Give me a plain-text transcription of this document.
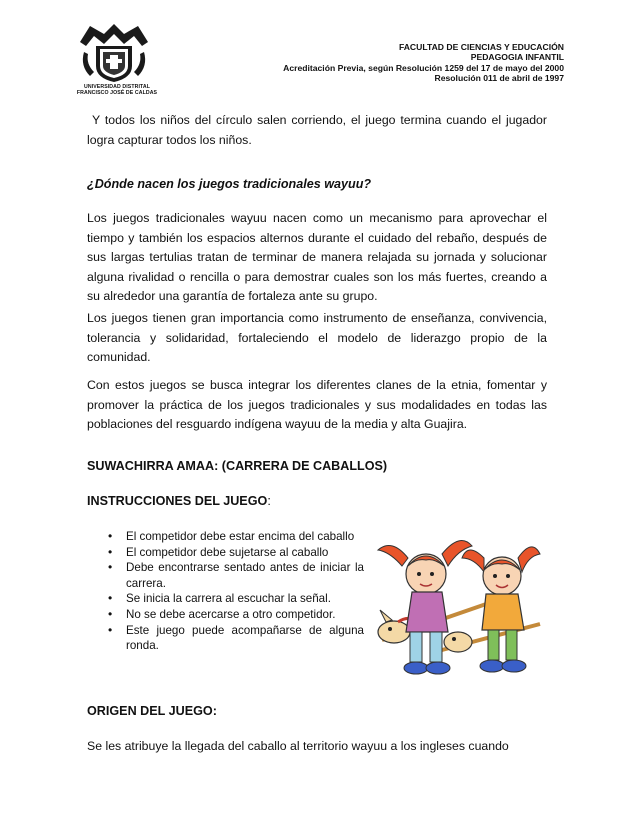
UNIVERSIDAD DISTRITAL FRANCISCO JOSÉ DE CALDAS
FACULTAD DE CIENCIAS Y EDUCACIÓN
PEDAGOGIA INFANTIL
Acreditación Previa, según Resolución 1259 del 17 de mayo del 2000
Resolución 011 de abril de 1997

Y todos los niños del círculo salen corriendo, el juego termina cuando el jugador logra capturar todos los niños.

¿Dónde nacen los juegos tradicionales wayuu?

Los juegos tradicionales wayuu nacen como un mecanismo para aprovechar el tiempo y también los espacios alternos durante el cuidado del rebaño, después de sus largas tertulias tratan de terminar de manera relajada su jornada y solucionar alguna rivalidad o rencilla o para demostrar cuales son los más fuertes, creando a su alrededor una garantía de fortaleza ante su grupo.

Los juegos tienen gran importancia como instrumento de enseñanza, convivencia, tolerancia y solidaridad, fortaleciendo el modelo de liderazgo propio de la comunidad.

Con estos juegos se busca integrar los diferentes clanes de la etnia, fomentar y promover la práctica de los juegos tradicionales y sus modalidades en todas las poblaciones del resguardo indígena wayuu de la media y alta Guajira.

SUWACHIRRA AMAA: (CARRERA DE CABALLOS)

INSTRUCCIONES DEL JUEGO:

• El competidor debe estar encima del caballo
• El competidor debe sujetarse al caballo
• Debe encontrarse sentado antes de iniciar la carrera.
• Se inicia la carrera al escuchar la señal.
• No se debe acercarse a otro competidor.
• Este juego puede acompañarse de alguna ronda.

ORIGEN DEL JUEGO:

Se les atribuye la llegada del caballo al territorio wayuu a los ingleses cuando
